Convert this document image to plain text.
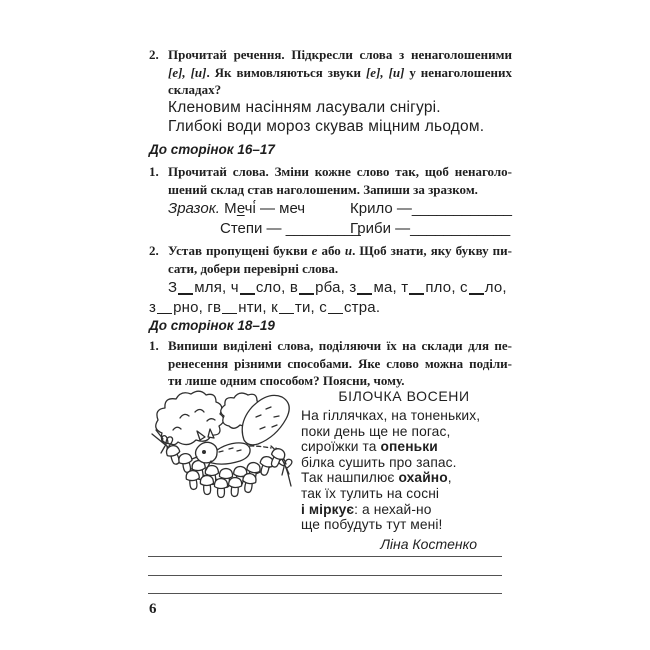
2. Прочитай речення. Підкресли слова з ненаголошеними
[е], [и]. Як вимовляються звуки [е], [и] у ненаголошених
складах?
Кленовим насінням ласували снігурі.
Глибокі води мороз скував міцним льодом.
До сторінок 16–17
1. Прочитай слова. Зміни кожне слово так, щоб ненаголо-
шений склад став наголошеним. Запиши за зразком.
Зразок. Мечі́ — меч	Крило —____________
Степи — _________
Гриби —____________
2. Устав пропущені букви е або и. Щоб знати, яку букву пи-
сати, добери перевірні слова.
З мля, ч сло, в рба, з ма, т пло, с ло,
з рно, гв нти, к ти, с стра.
До сторінок 18–19
1. Випиши виділені слова, поділяючи їх на склади для пе-
ренесення різними способами. Яке слово можна поділи-
ти лише одним способом? Поясни, чому.
БІЛОЧКА ВОСЕНИ
На гіллячках, на тоненьких,
поки день ще не погас,
сироїжки та опеньки
білка сушить про запас.
Так нашпилює охайно,
так їх тулить на сосні
і міркує: а нехай-но
ще побудуть тут мені!
Ліна Костенко
6
